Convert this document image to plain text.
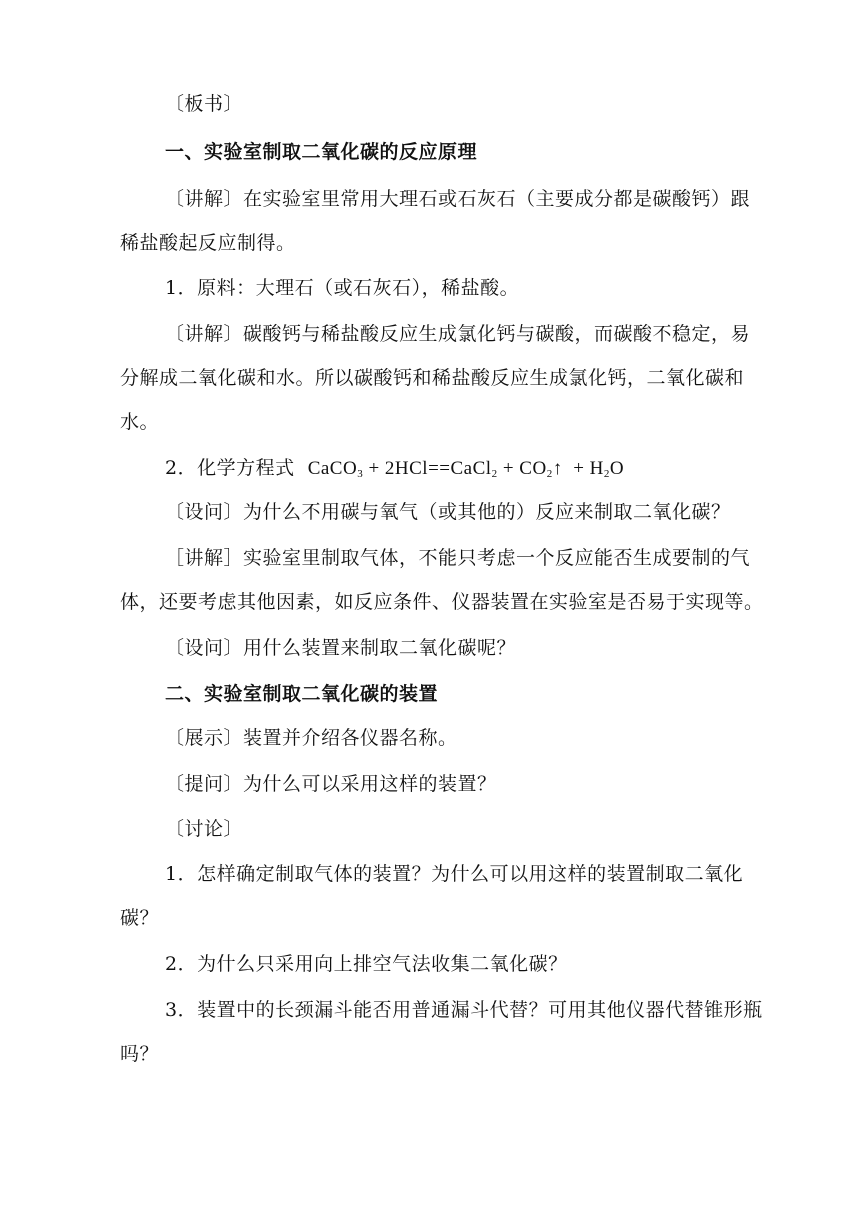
〔板书〕
一、实验室制取二氧化碳的反应原理
〔讲解〕在实验室里常用大理石或石灰石（主要成分都是碳酸钙）跟
稀盐酸起反应制得。
1．原料：大理石（或石灰石），稀盐酸。
〔讲解〕碳酸钙与稀盐酸反应生成氯化钙与碳酸，而碳酸不稳定，易
分解成二氧化碳和水。所以碳酸钙和稀盐酸反应生成氯化钙，二氧化碳和
水。
2．化学方程式 CaCO$_3$ + 2HCl==CaCl$_2$ + $CO_2↑ + H_2O$
〔设问〕为什么不用碳与氧气（或其他的）反应来制取二氧化碳？
［讲解］实验室里制取气体，不能只考虑一个反应能否生成要制的气
体，还要考虑其他因素，如反应条件、仪器装置在实验室是否易于实现等。
〔设问〕用什么装置来制取二氧化碳呢？
二、实验室制取二氧化碳的装置
〔展示〕装置并介绍各仪器名称。
〔提问〕为什么可以采用这样的装置？
〔讨论〕
1．怎样确定制取气体的装置？为什么可以用这样的装置制取二氧化
碳？
2．为什么只采用向上排空气法收集二氧化碳？
3．装置中的长颈漏斗能否用普通漏斗代替？可用其他仪器代替锥形瓶
吗？
